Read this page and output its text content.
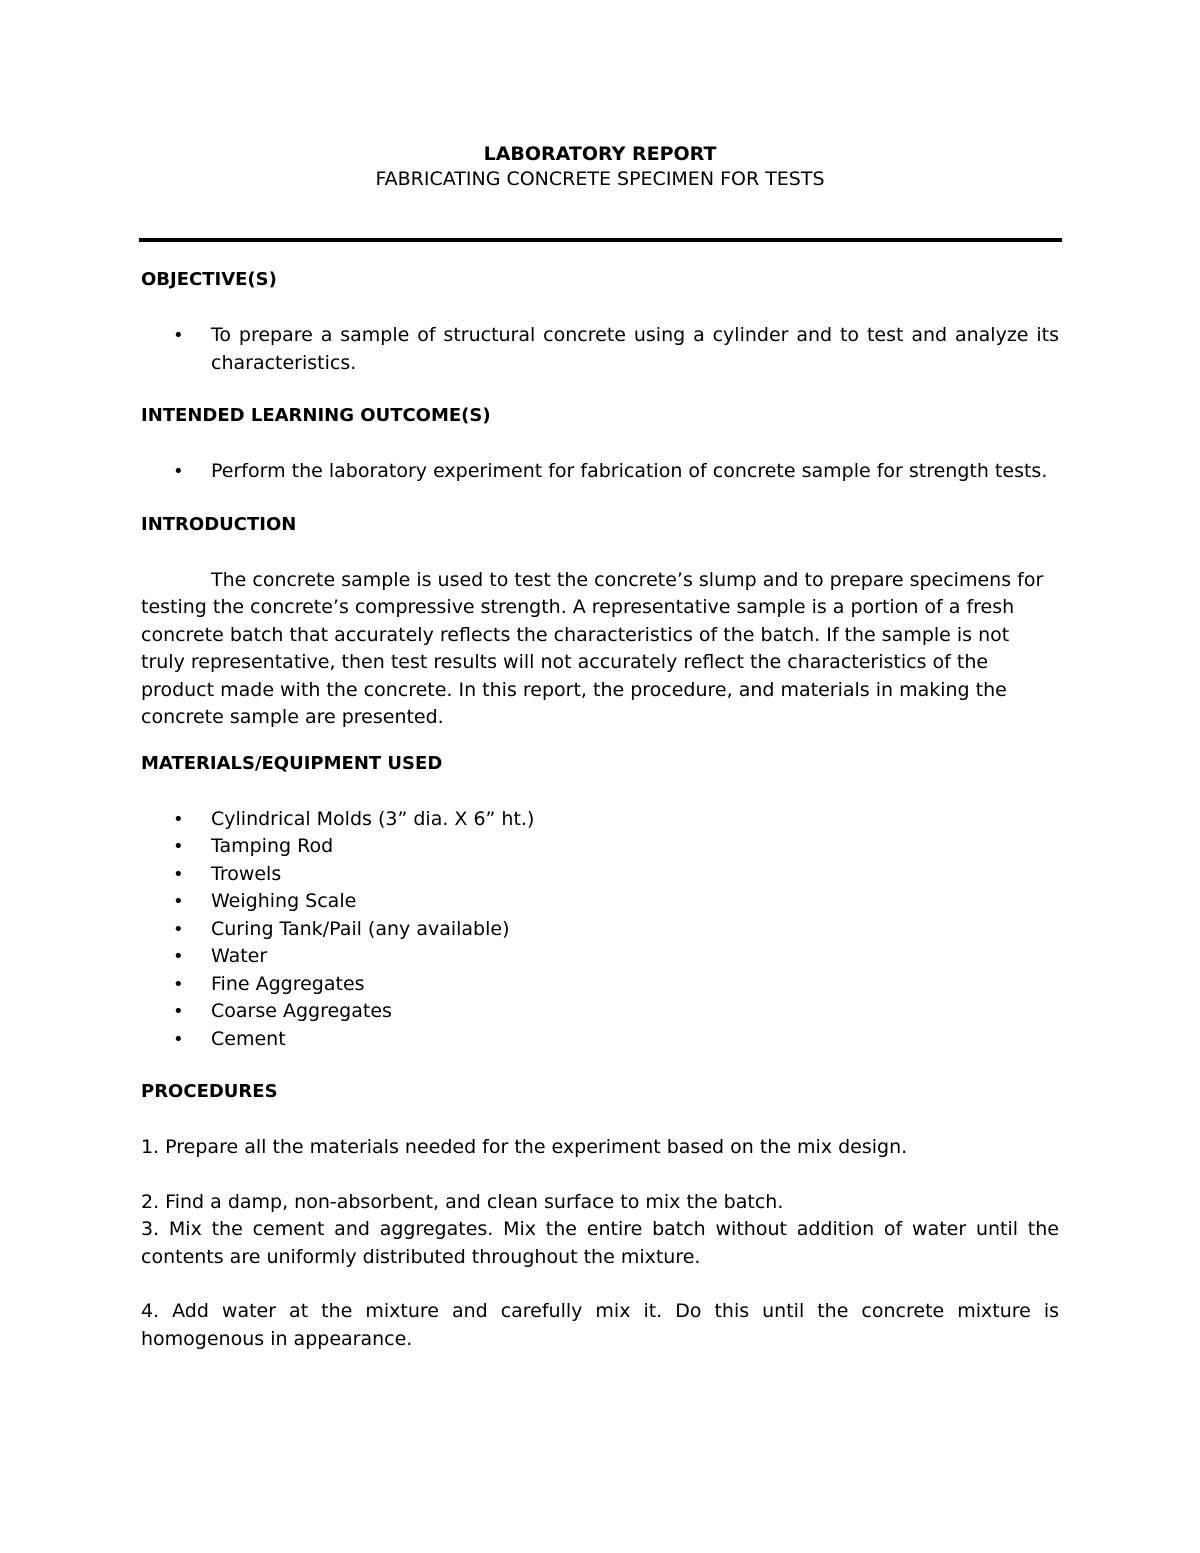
LABORATORY REPORT
FABRICATING CONCRETE SPECIMEN FOR TESTS

OBJECTIVE(S)

• To prepare a sample of structural concrete using a cylinder and to test and analyze its characteristics.

INTENDED LEARNING OUTCOME(S)

• Perform the laboratory experiment for fabrication of concrete sample for strength tests.

INTRODUCTION

The concrete sample is used to test the concrete’s slump and to prepare specimens for testing the concrete’s compressive strength. A representative sample is a portion of a fresh concrete batch that accurately reflects the characteristics of the batch. If the sample is not truly representative, then test results will not accurately reflect the characteristics of the product made with the concrete. In this report, the procedure, and materials in making the concrete sample are presented.

MATERIALS/EQUIPMENT USED

• Cylindrical Molds (3” dia. X 6” ht.)
• Tamping Rod
• Trowels
• Weighing Scale
• Curing Tank/Pail (any available)
• Water
• Fine Aggregates
• Coarse Aggregates
• Cement

PROCEDURES

1. Prepare all the materials needed for the experiment based on the mix design.

2. Find a damp, non-absorbent, and clean surface to mix the batch.

3. Mix the cement and aggregates. Mix the entire batch without addition of water until the contents are uniformly distributed throughout the mixture.

4. Add water at the mixture and carefully mix it. Do this until the concrete mixture is homogenous in appearance.
